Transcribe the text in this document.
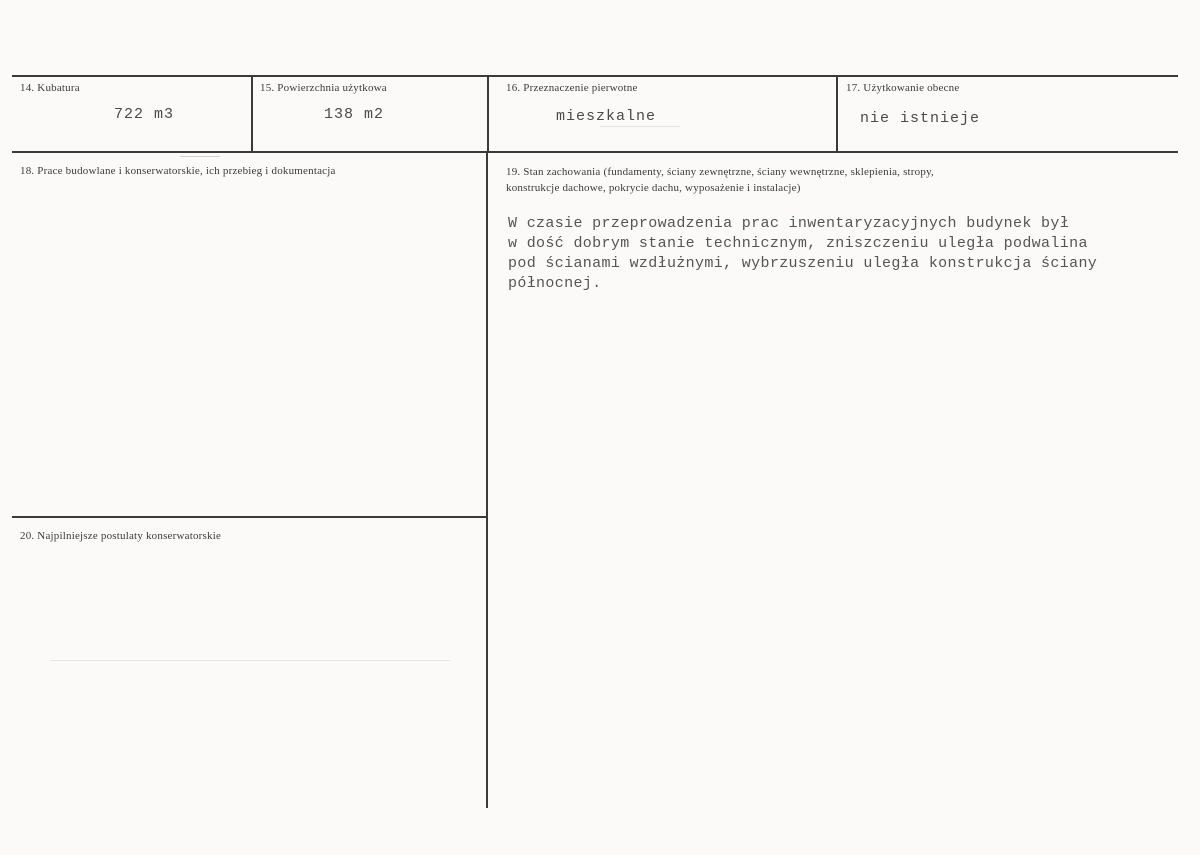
14. Kubatura
722 m3
15. Powierzchnia użytkowa
138 m2
16. Przeznaczenie pierwotne
mieszkalne
17. Użytkowanie obecne
nie istnieje
18. Prace budowlane i konserwatorskie, ich przebieg i dokumentacja	19. Stan zachowania (fundamenty, ściany zewnętrzne, ściany wewnętrzne, sklepienia, stropy,
konstrukcje dachowe, pokrycie dachu, wyposażenie i instalacje)
W czasie przeprowadzenia prac inwentaryzacyjnych budynek był
w dość dobrym stanie technicznym, zniszczeniu uległa podwalina
pod ścianami wzdłużnymi, wybrzuszeniu uległa konstrukcja ściany
północnej.
20. Najpilniejsze postulaty konserwatorskie
